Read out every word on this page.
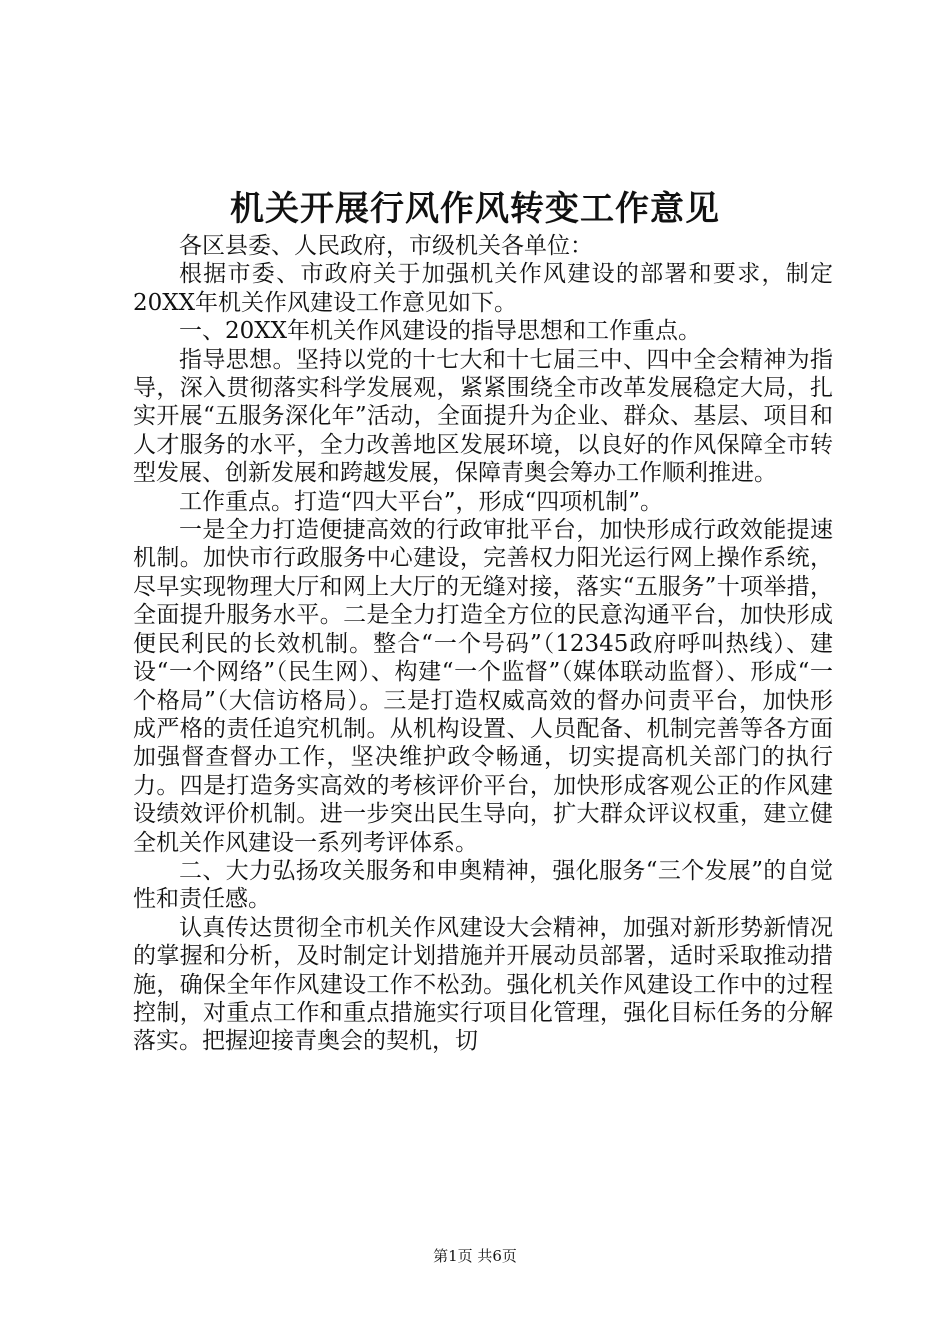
机关开展行风作风转变工作意见

各区县委、人民政府，市级机关各单位：

根据市委、市政府关于加强机关作风建设的部署和要求，制定20XX年机关作风建设工作意见如下。

一、20XX年机关作风建设的指导思想和工作重点。

指导思想。坚持以党的十七大和十七届三中、四中全会精神为指导，深入贯彻落实科学发展观，紧紧围绕全市改革发展稳定大局，扎实开展“五服务深化年”活动，全面提升为企业、群众、基层、项目和人才服务的水平，全力改善地区发展环境，以良好的作风保障全市转型发展、创新发展和跨越发展，保障青奥会筹办工作顺利推进。

工作重点。打造“四大平台”，形成“四项机制”。

一是全力打造便捷高效的行政审批平台，加快形成行政效能提速机制。加快市行政服务中心建设，完善权力阳光运行网上操作系统，尽早实现物理大厅和网上大厅的无缝对接，落实“五服务”十项举措，全面提升服务水平。二是全力打造全方位的民意沟通平台，加快形成便民利民的长效机制。整合“一个号码”（12345政府呼叫热线）、建设“一个网络”（民生网）、构建“一个监督”（媒体联动监督）、形成“一个格局”（大信访格局）。三是打造权威高效的督办问责平台，加快形成严格的责任追究机制。从机构设置、人员配备、机制完善等各方面加强督查督办工作，坚决维护政令畅通，切实提高机关部门的执行力。四是打造务实高效的考核评价平台，加快形成客观公正的作风建设绩效评价机制。进一步突出民生导向，扩大群众评议权重，建立健全机关作风建设一系列考评体系。

二、大力弘扬攻关服务和申奥精神，强化服务“三个发展”的自觉性和责任感。

认真传达贯彻全市机关作风建设大会精神，加强对新形势新情况的掌握和分析，及时制定计划措施并开展动员部署，适时采取推动措施，确保全年作风建设工作不松劲。强化机关作风建设工作中的过程控制，对重点工作和重点措施实行项目化管理，强化目标任务的分解落实。把握迎接青奥会的契机，切

第1页 共6页
